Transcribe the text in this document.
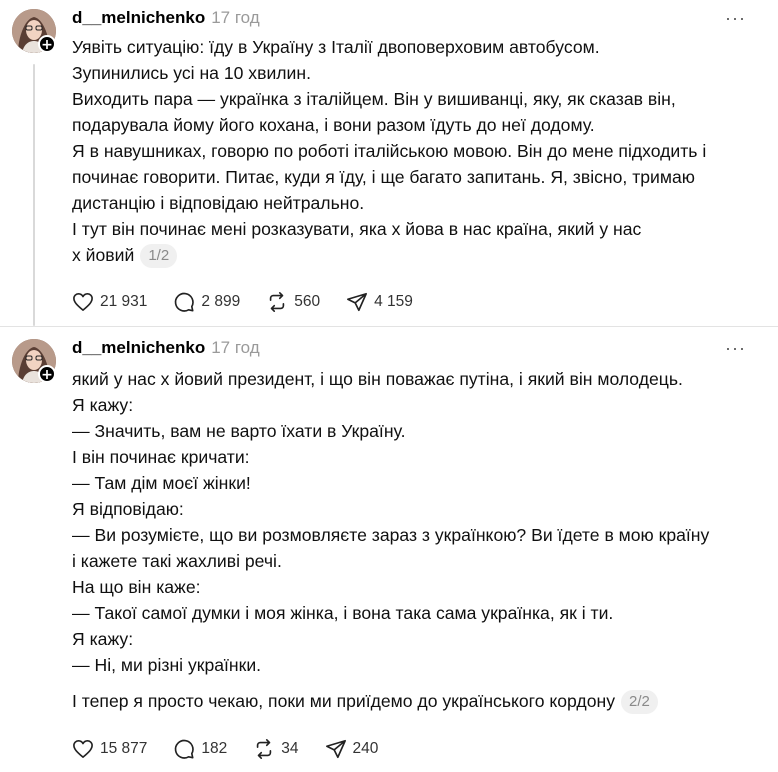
+
d__melnichenko 17 год	···

Уявіть ситуацію: їду в Україну з Італії двоповерховим автобусом.

Зупинились усі на 10 хвилин.

Виходить пара — українка з італійцем. Він у вишиванці, яку, як сказав він,

подарувала йому його кохана, і вони разом їдуть до неї додому.

Я в навушниках, говорю по роботі італійською мовою. Він до мене підходить і

починає говорити. Питає, куди я їду, і ще багато запитань. Я, звісно, тримаю

дистанцію і відповідаю нейтрально.

І тут він починає мені розказувати, яка х йова в нас країна, який у нас

х йовий 1/2

21 931	2 899	560	4 159
+
d__melnichenko 17 год	···

який у нас х йовий президент, і що він поважає путіна, і який він молодець.

Я кажу:

— Значить, вам не варто їхати в Україну.

І він починає кричати:

— Там дім моєї жінки!

Я відповідаю:

— Ви розумієте, що ви розмовляєте зараз з українкою? Ви їдете в мою країну

і кажете такі жахливі речі.

На що він каже:

— Такої самої думки і моя жінка, і вона така сама українка, як і ти.

Я кажу:

— Ні, ми різні українки.

І тепер я просто чекаю, поки ми приїдемо до українського кордону 2/2

15 877	182	34	240
